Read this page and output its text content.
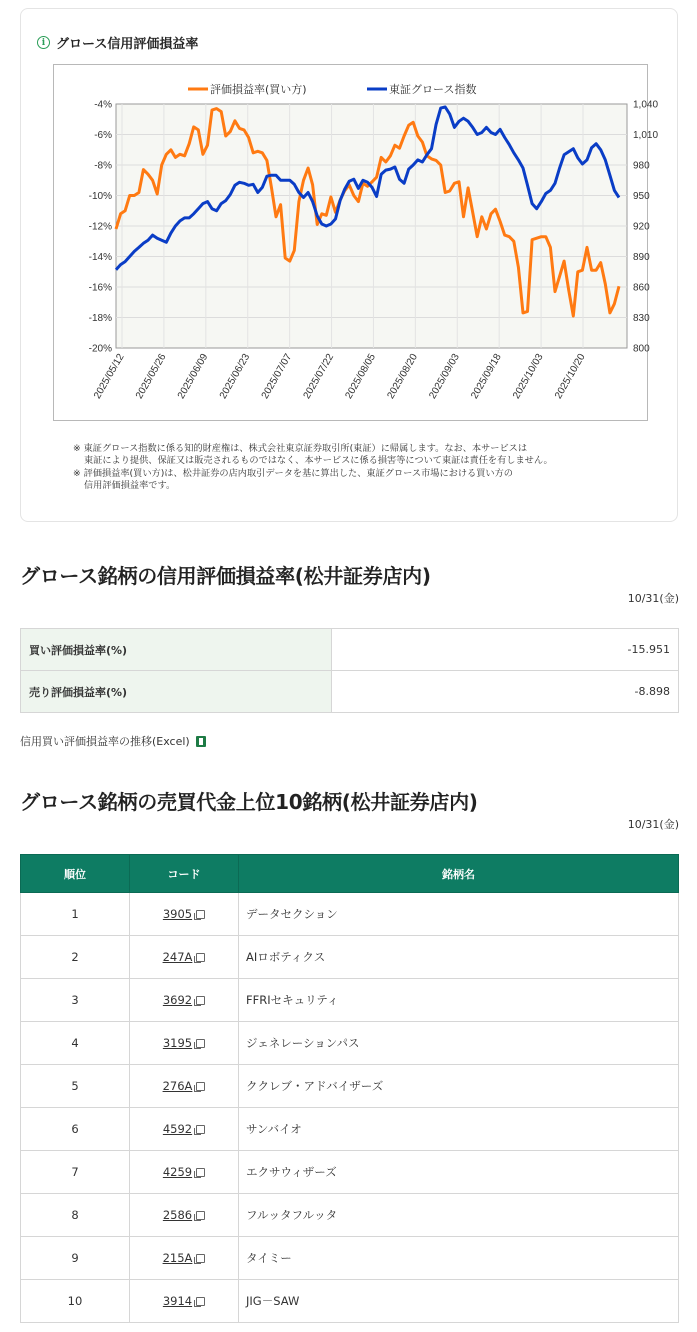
i グロース信用評価損益率
-4%	1,040
-6%	1,010
-8%	980
-10%	950
-12%	920
-14%	890
-16%	860
-18%	830
-20%	800
2025/05/12 2025/05/26 2025/06/09 2025/06/23 2025/07/07 2025/07/22 2025/08/05 2025/08/20 2025/09/03 2025/09/18 2025/10/03 2025/10/20
評価損益率(買い方)	東証グロース指数
※ 東証グロース指数に係る知的財産権は、株式会社東京証券取引所(東証）に帰属します。なお、本サービスは
東証により提供、保証又は販売されるものではなく、本サービスに係る損害等について東証は責任を有しません。
※ 評価損益率(買い方)は、松井証券の店内取引データを基に算出した、東証グロース市場における買い方の
信用評価損益率です。
グロース銘柄の信用評価損益率(松井証券店内)
10/31(金)
買い評価損益率(%)	-15.951
売り評価損益率(%)	-8.898
信用買い評価損益率の推移(Excel)
グロース銘柄の売買代金上位10銘柄(松井証券店内)
10/31(金)
順位	コード	銘柄名
1	3905	データセクション
2	247A	AIロボティクス
3	3692	FFRIセキュリティ
4	3195	ジェネレーションパス
5	276A	ククレブ・アドバイザーズ
6	4592	サンバイオ
7	4259	エクサウィザーズ
8	2586	フルッタフルッタ
9	215A	タイミー
10	3914	JIG－SAW
